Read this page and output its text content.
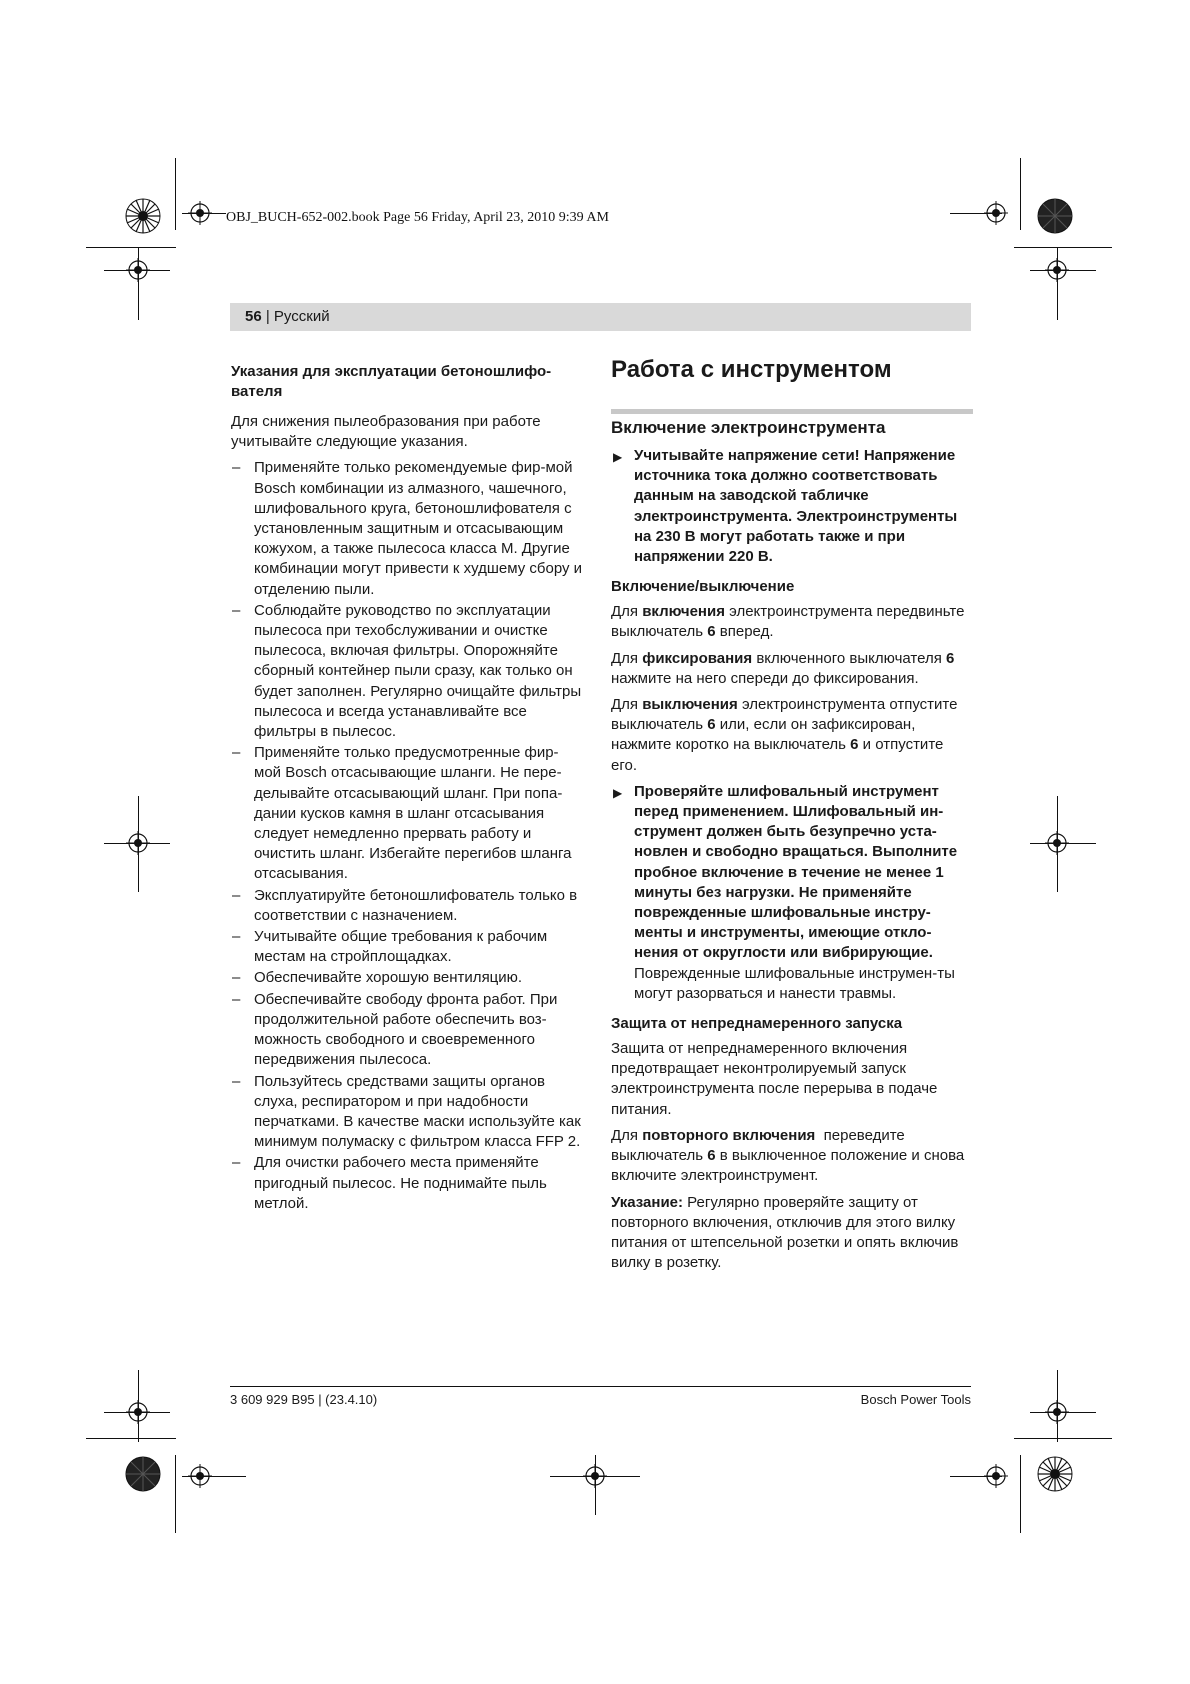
OBJ_BUCH-652-002.book Page 56 Friday, April 23, 2010 9:39 AM
56 | Русский
Указания для эксплуатации бетоношлифо-вателя
Для снижения пылеобразования при работе учитывайте следующие указания.
– Применяйте только рекомендуемые фир-мой Bosch комбинации из алмазного, чашечного, шлифовального круга, бетоношлифователя с установленным защитным и отсасывающим кожухом, а также пылесоса класса М. Другие комбинации могут привести к худшему сбору и отделению пыли.
– Соблюдайте руководство по эксплуатации пылесоса при техобслуживании и очистке пылесоса, включая фильтры. Опорожняйте сборный контейнер пыли сразу, как только он будет заполнен. Регулярно очищайте фильтры пылесоса и всегда устанавливайте все фильтры в пылесос.
– Применяйте только предусмотренные фир-мой Bosch отсасывающие шланги. Не пере-делывайте отсасывающий шланг. При попа-дании кусков камня в шланг отсасывания следует немедленно прервать работу и очистить шланг. Избегайте перегибов шланга отсасывания.
– Эксплуатируйте бетоношлифователь только в соответствии с назначением.
– Учитывайте общие требования к рабочим местам на стройплощадках.
– Обеспечивайте хорошую вентиляцию.
– Обеспечивайте свободу фронта работ. При продолжительной работе обеспечить воз-можность свободного и своевременного передвижения пылесоса.
– Пользуйтесь средствами защиты органов слуха, респиратором и при надобности перчатками. В качестве маски используйте как минимум полумаску с фильтром класса FFP 2.
– Для очистки рабочего места применяйте пригодный пылесос. Не поднимайте пыль метлой.
Работа с инструментом
Включение электроинструмента
▶ Учитывайте напряжение сети! Напряжение источника тока должно соответствовать данным на заводской табличке электроинструмента. Электроинструменты на 230 В могут работать также и при напряжении 220 В.
Включение/выключение
Для включения электроинструмента передвиньте выключатель 6 вперед.
Для фиксирования включенного выключателя 6 нажмите на него спереди до фиксирования.
Для выключения электроинструмента отпустите выключатель 6 или, если он зафиксирован, нажмите коротко на выключатель 6 и отпустите его.
▶ Проверяйте шлифовальный инструмент перед применением. Шлифовальный ин-струмент должен быть безупречно уста-новлен и свободно вращаться. Выполните пробное включение в течение не менее 1 минуты без нагрузки. Не применяйте поврежденные шлифовальные инстру-менты и инструменты, имеющие откло-нения от округлости или вибрирующие. Поврежденные шлифовальные инструмен-ты могут разорваться и нанести травмы.
Защита от непреднамеренного запуска
Защита от непреднамеренного включения предотвращает неконтролируемый запуск электроинструмента после перерыва в подаче питания.
Для повторного включения  переведите выключатель 6 в выключенное положение и снова включите электроинструмент.
Указание: Регулярно проверяйте защиту от повторного включения, отключив для этого вилку питания от штепсельной розетки и опять включив вилку в розетку.
3 609 929 B95 | (23.4.10)	Bosch Power Tools
